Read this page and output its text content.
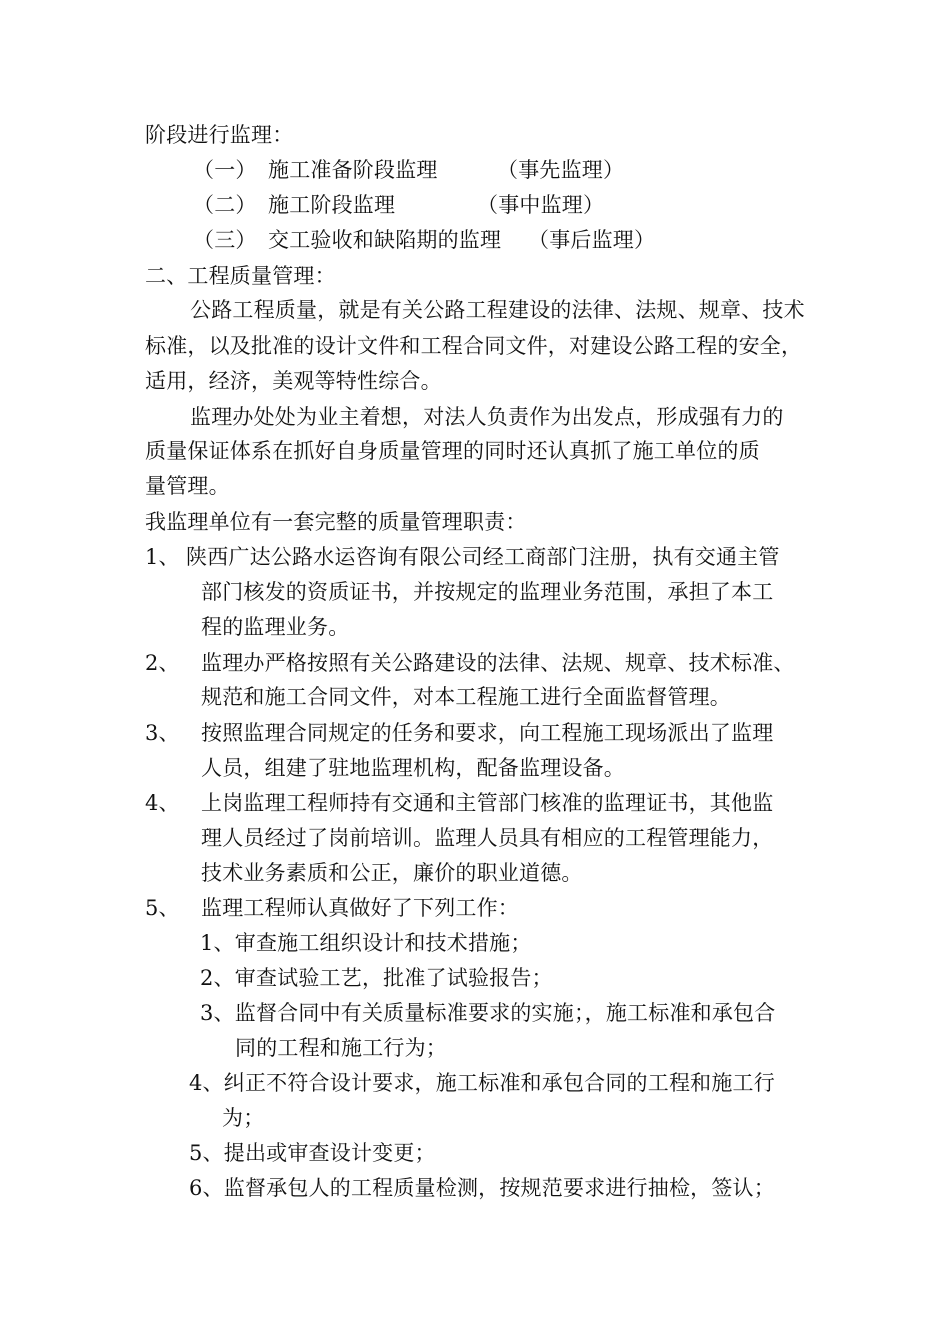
阶段进行监理：
（一） 施工准备阶段监理	（事先监理）
（二） 施工阶段监理	（事中监理）
（三） 交工验收和缺陷期的监理 （事后监理）
二、工程质量管理：
公路工程质量，就是有关公路工程建设的法律、法规、规章、技术
标准，以及批准的设计文件和工程合同文件，对建设公路工程的安全，
适用，经济，美观等特性综合。
监理办处处为业主着想，对法人负责作为出发点，形成强有力的
质量保证体系在抓好自身质量管理的同时还认真抓了施工单位的质
量管理。
我监理单位有一套完整的质量管理职责：
1、 陕西广达公路水运咨询有限公司经工商部门注册，执有交通主管
部门核发的资质证书，并按规定的监理业务范围，承担了本工
程的监理业务。
2、 监理办严格按照有关公路建设的法律、法规、规章、技术标准、
规范和施工合同文件，对本工程施工进行全面监督管理。
3、 按照监理合同规定的任务和要求，向工程施工现场派出了监理
人员，组建了驻地监理机构，配备监理设备。
4、 上岗监理工程师持有交通和主管部门核准的监理证书，其他监
理人员经过了岗前培训。监理人员具有相应的工程管理能力，
技术业务素质和公正，廉价的职业道德。
5、 监理工程师认真做好了下列工作：
1、审查施工组织设计和技术措施；
2、审查试验工艺，批准了试验报告；
3、监督合同中有关质量标准要求的实施；，施工标准和承包合
同的工程和施工行为；
4、纠正不符合设计要求，施工标准和承包合同的工程和施工行
为；
5、提出或审查设计变更；
6、监督承包人的工程质量检测，按规范要求进行抽检，签认；
